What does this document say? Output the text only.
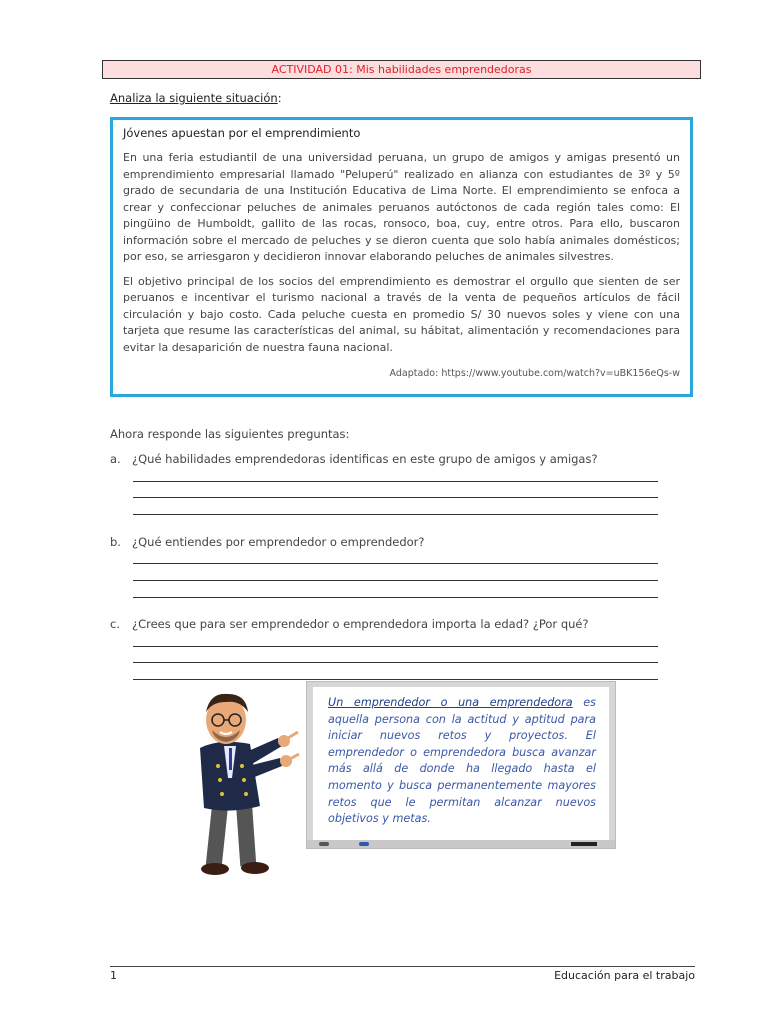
ACTIVIDAD 01: Mis habilidades emprendedoras
Analiza la siguiente situación:
Jóvenes apuestan por el emprendimiento

En una feria estudiantil de una universidad peruana, un grupo de amigos y amigas presentó un emprendimiento empresarial llamado "Peluperú" realizado en alianza con estudiantes de 3º y 5º grado de secundaria de una Institución Educativa de Lima Norte. El emprendimiento se enfoca a crear y confeccionar peluches de animales peruanos autóctonos de cada región tales como: El pingüino de Humboldt, gallito de las rocas, ronsoco, boa, cuy, entre otros. Para ello, buscaron información sobre el mercado de peluches y se dieron cuenta que solo había animales domésticos; por eso, se arriesgaron y decidieron innovar elaborando peluches de animales silvestres.

El objetivo principal de los socios del emprendimiento es demostrar el orgullo que sienten de ser peruanos e incentivar el turismo nacional a través de la venta de pequeños artículos de fácil circulación y bajo costo. Cada peluche cuesta en promedio S/ 30 nuevos soles y viene con una tarjeta que resume las características del animal, su hábitat, alimentación y recomendaciones para evitar la desaparición de nuestra fauna nacional.

Adaptado: https://www.youtube.com/watch?v=uBK156eQs-w
Ahora responde las siguientes preguntas:
a. ¿Qué habilidades emprendedoras identificas en este grupo de amigos y amigas?
b. ¿Qué entiendes por emprendedor o emprendedor?
c. ¿Crees que para ser emprendedor o emprendedora importa la edad? ¿Por qué?
Un emprendedor o una emprendedora es aquella persona con la actitud y aptitud para iniciar nuevos retos y proyectos. El emprendedor o emprendedora busca avanzar más allá de donde ha llegado hasta el momento y busca permanentemente mayores retos que le permitan alcanzar nuevos objetivos y metas.
1	Educación para el trabajo
